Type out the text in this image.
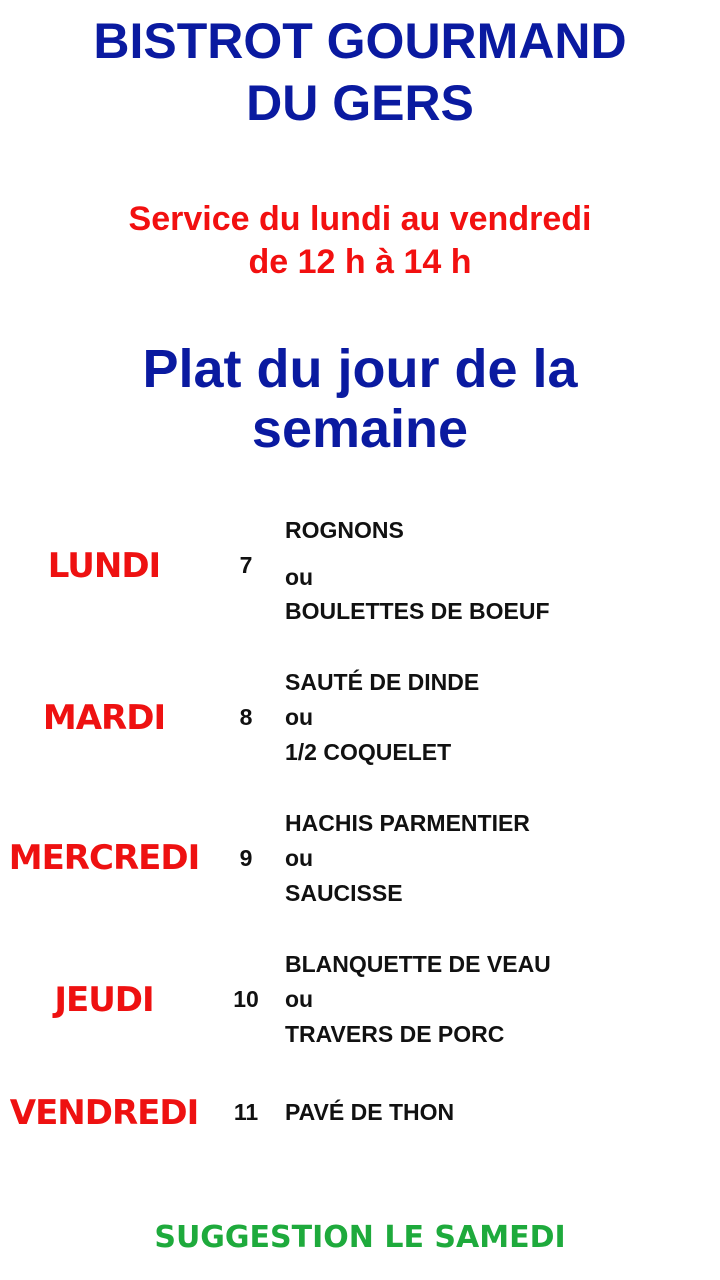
BISTROT GOURMAND
DU GERS
Service du lundi au vendredi
de 12 h à 14 h
Plat du jour de la
semaine
LUNDI	7
ROGNONS
ou
BOULETTES DE BOEUF
MARDI	8
SAUTÉ DE DINDE
ou
1/2 COQUELET
MERCREDI	9
HACHIS PARMENTIER
ou
SAUCISSE
JEUDI	10
BLANQUETTE DE VEAU
ou
TRAVERS DE PORC
VENDREDI	11	PAVÉ DE THON
SUGGESTION LE SAMEDI
